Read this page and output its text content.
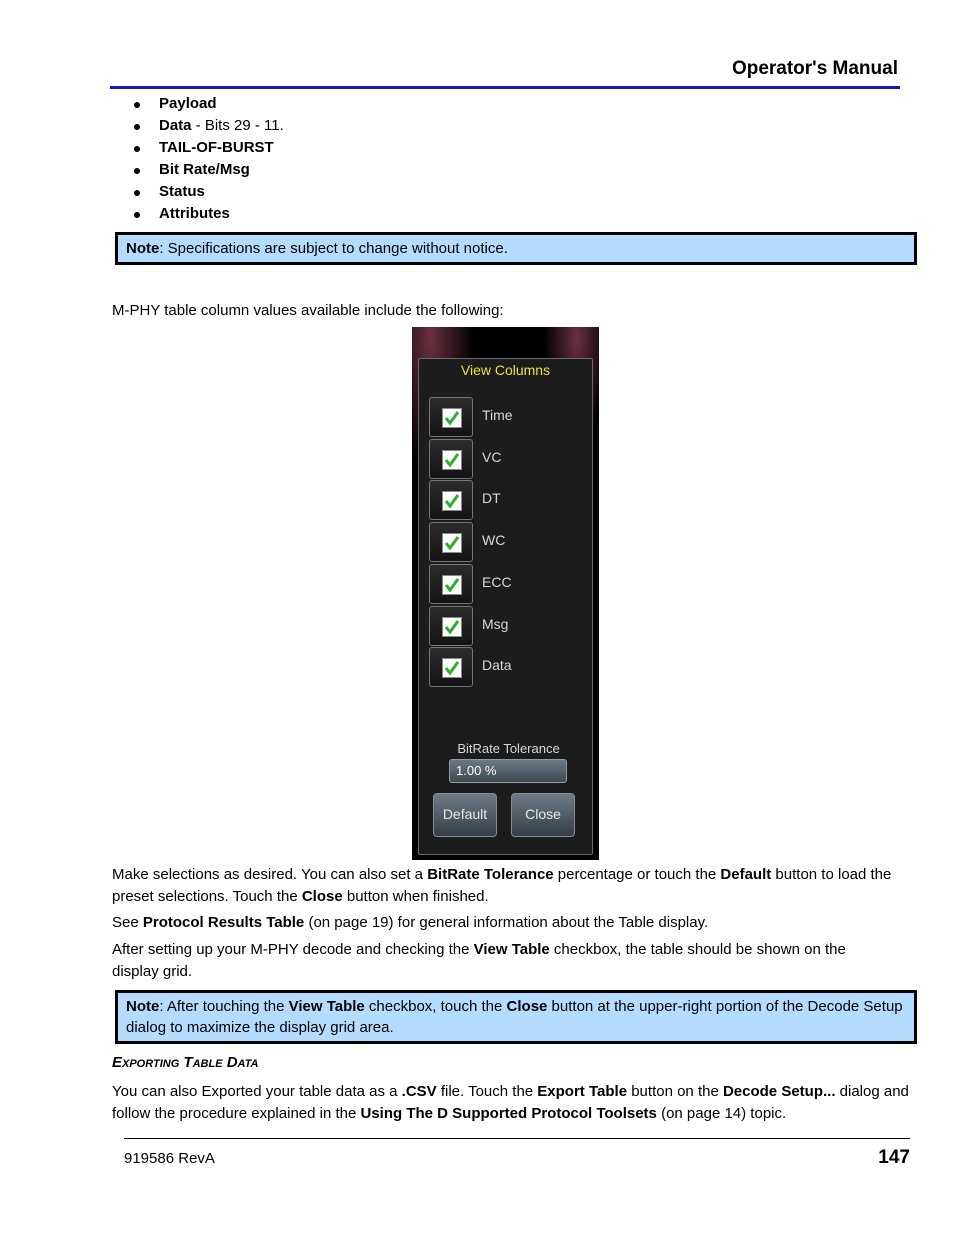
Operator's Manual
Payload
Data - Bits 29 - 11.
TAIL-OF-BURST
Bit Rate/Msg
Status
Attributes
Note: Specifications are subject to change without notice.

M-PHY table column values available include the following:

View Columns
Time
VC
DT
WC
ECC
Msg
Data
BitRate Tolerance
1.00 %
Default	Close

Make selections as desired. You can also set a BitRate Tolerance percentage or touch the Default button to load the preset selections. Touch the Close button when finished.

See Protocol Results Table (on page 19) for general information about the Table display.

After setting up your M-PHY decode and checking the View Table checkbox, the table should be shown on the display grid.

Note: After touching the View Table checkbox, touch the Close button at the upper-right portion of the Decode Setup dialog to maximize the display grid area.
Exporting Table Data

You can also Exported your table data as a .CSV file. Touch the Export Table button on the Decode Setup... dialog and follow the procedure explained in the Using The D Supported Protocol Toolsets (on page 14) topic.

919586 RevA	147
